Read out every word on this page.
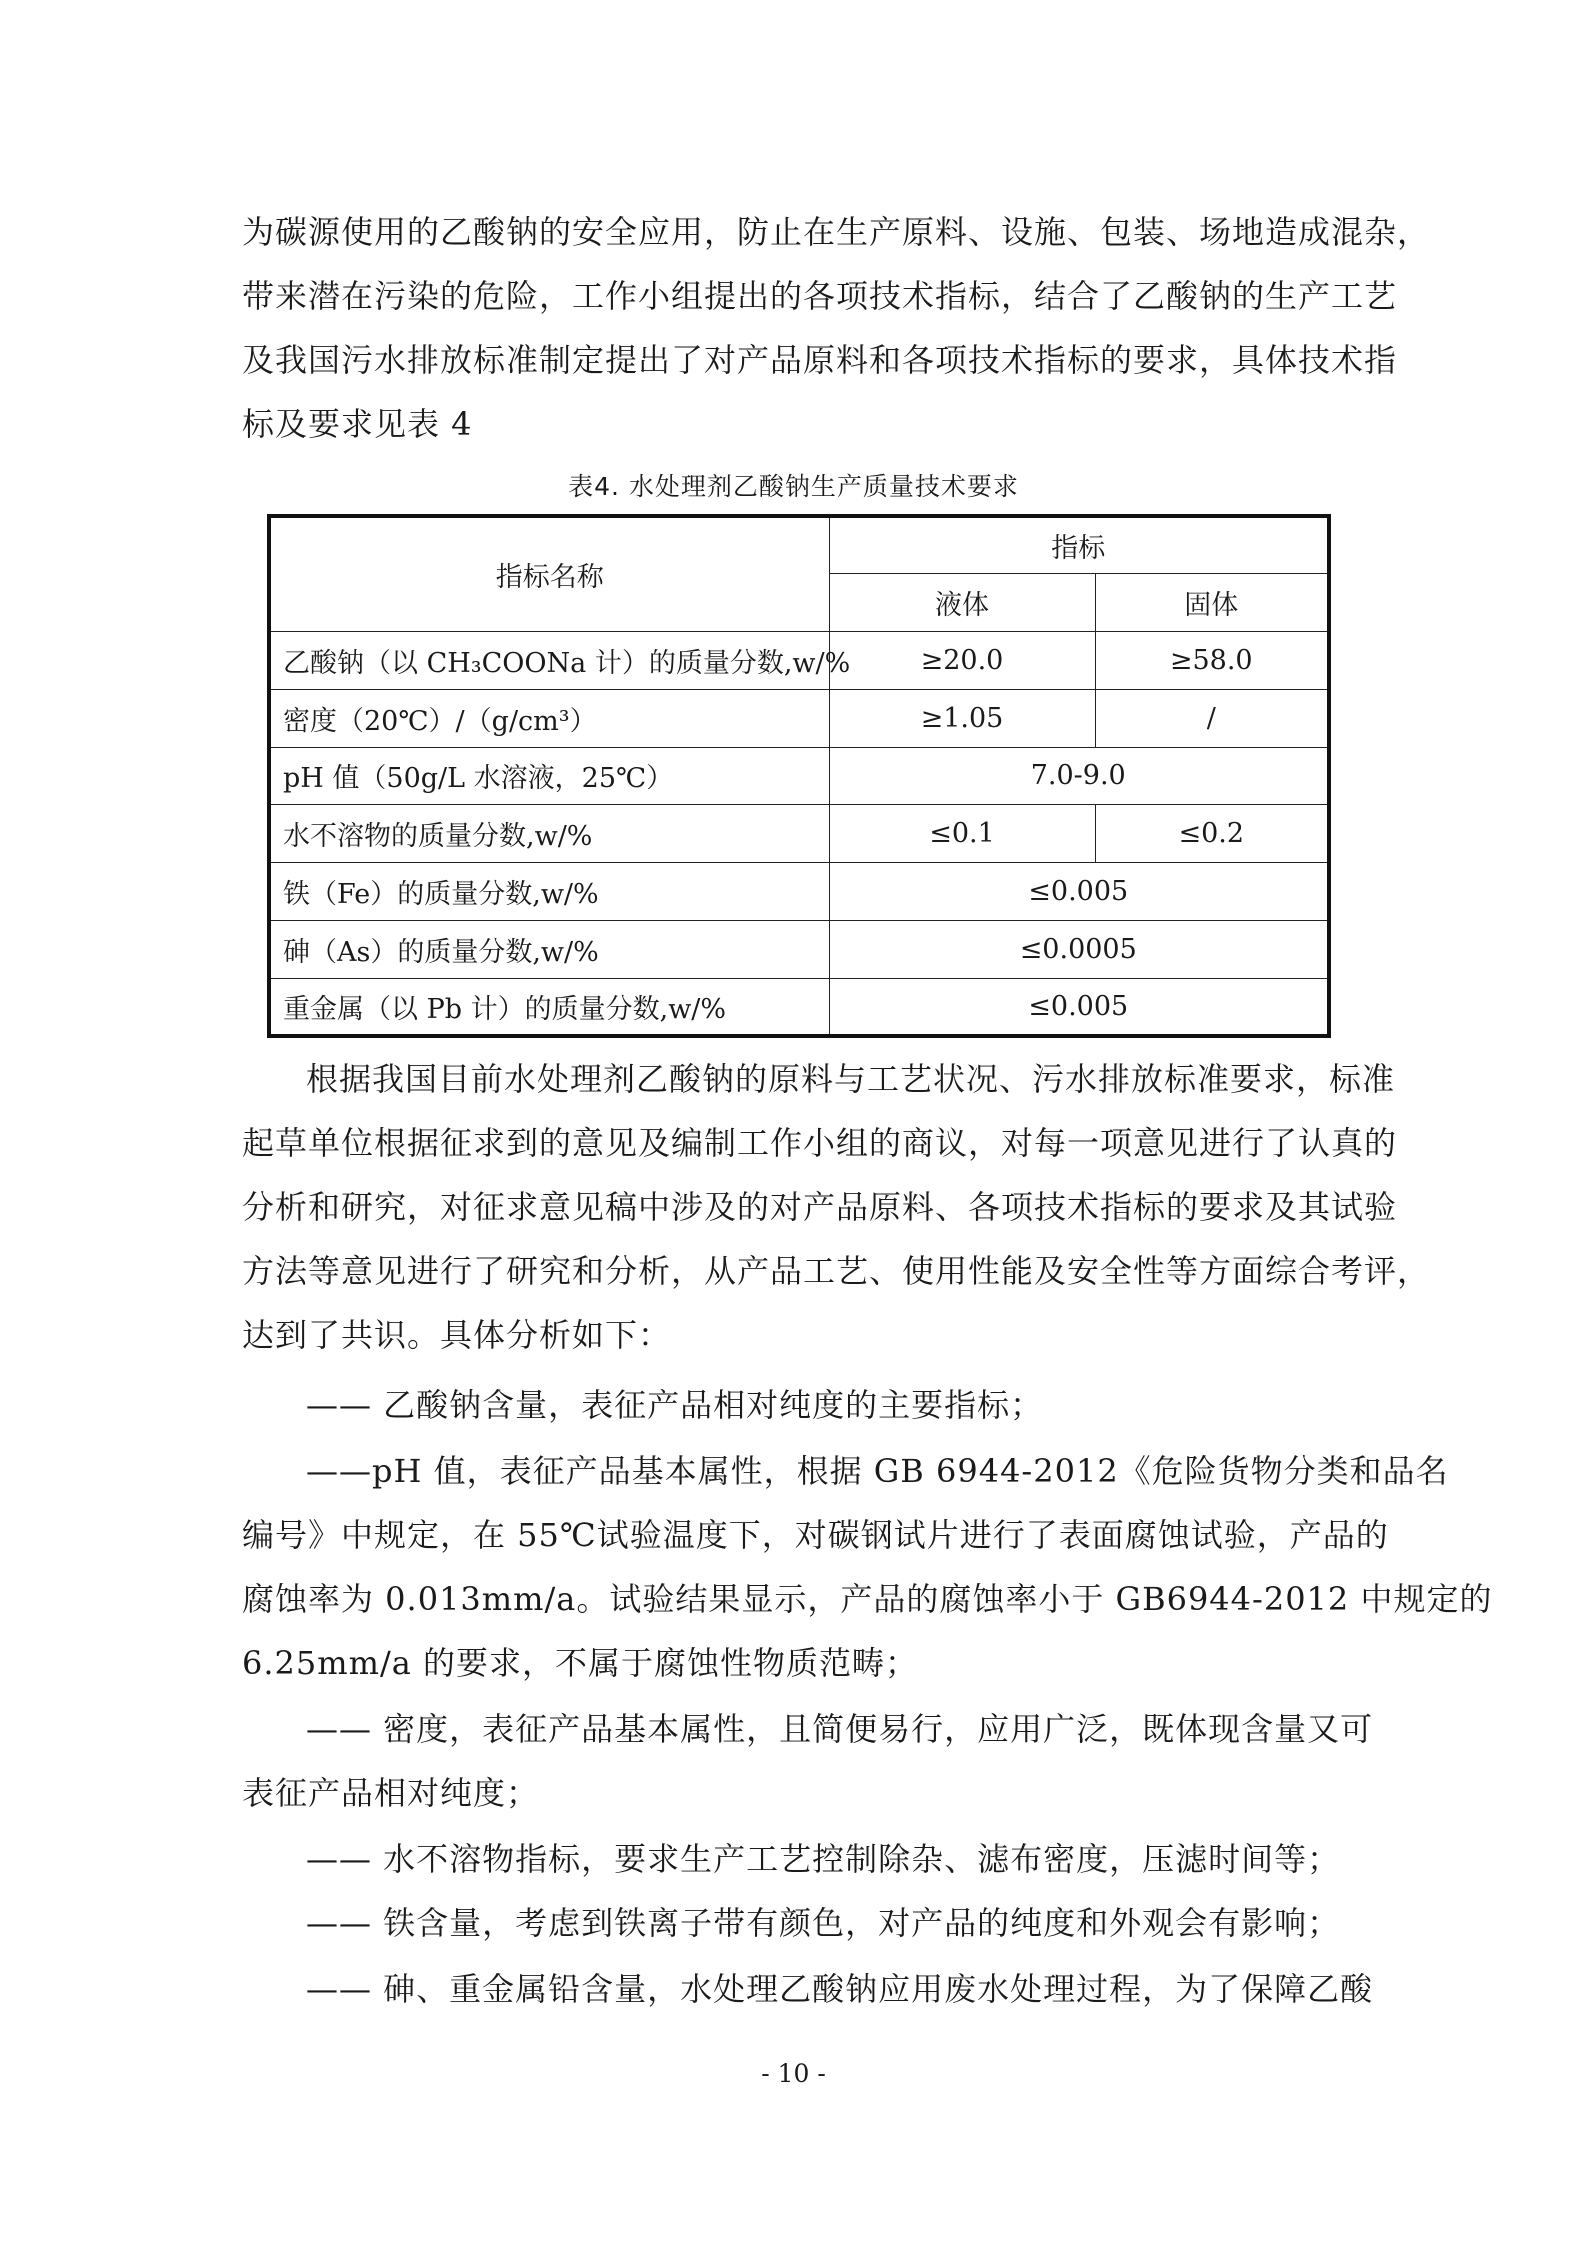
为碳源使用的乙酸钠的安全应用，防止在生产原料、设施、包装、场地造成混杂，
带来潜在污染的危险，工作小组提出的各项技术指标，结合了乙酸钠的生产工艺
及我国污水排放标准制定提出了对产品原料和各项技术指标的要求，具体技术指
标及要求见表 4
表4. 水处理剂乙酸钠生产质量技术要求
指标名称	指标	
	液体	固体
乙酸钠（以 CH₃COONa 计）的质量分数,w/%	≥20.0	≥58.0
密度（20℃）/（g/cm³）	≥1.05	/
pH 值（50g/L 水溶液，25℃）	7.0-9.0	
水不溶物的质量分数,w/%	≤0.1	≤0.2
铁（Fe）的质量分数,w/%	≤0.005	
砷（As）的质量分数,w/%	≤0.0005	
重金属（以 Pb 计）的质量分数,w/%	≤0.005	
根据我国目前水处理剂乙酸钠的原料与工艺状况、污水排放标准要求，标准
起草单位根据征求到的意见及编制工作小组的商议，对每一项意见进行了认真的
分析和研究，对征求意见稿中涉及的对产品原料、各项技术指标的要求及其试验
方法等意见进行了研究和分析，从产品工艺、使用性能及安全性等方面综合考评，
达到了共识。具体分析如下：
—— 乙酸钠含量，表征产品相对纯度的主要指标；
——pH 值，表征产品基本属性，根据 GB 6944-2012《危险货物分类和品名
编号》中规定，在 55℃试验温度下，对碳钢试片进行了表面腐蚀试验，产品的
腐蚀率为 0.013mm/a。试验结果显示，产品的腐蚀率小于 GB6944-2012 中规定的
6.25mm/a 的要求，不属于腐蚀性物质范畴；
—— 密度，表征产品基本属性，且简便易行，应用广泛，既体现含量又可
表征产品相对纯度；
—— 水不溶物指标，要求生产工艺控制除杂、滤布密度，压滤时间等；
—— 铁含量，考虑到铁离子带有颜色，对产品的纯度和外观会有影响；
—— 砷、重金属铅含量，水处理乙酸钠应用废水处理过程，为了保障乙酸
- 10 -
